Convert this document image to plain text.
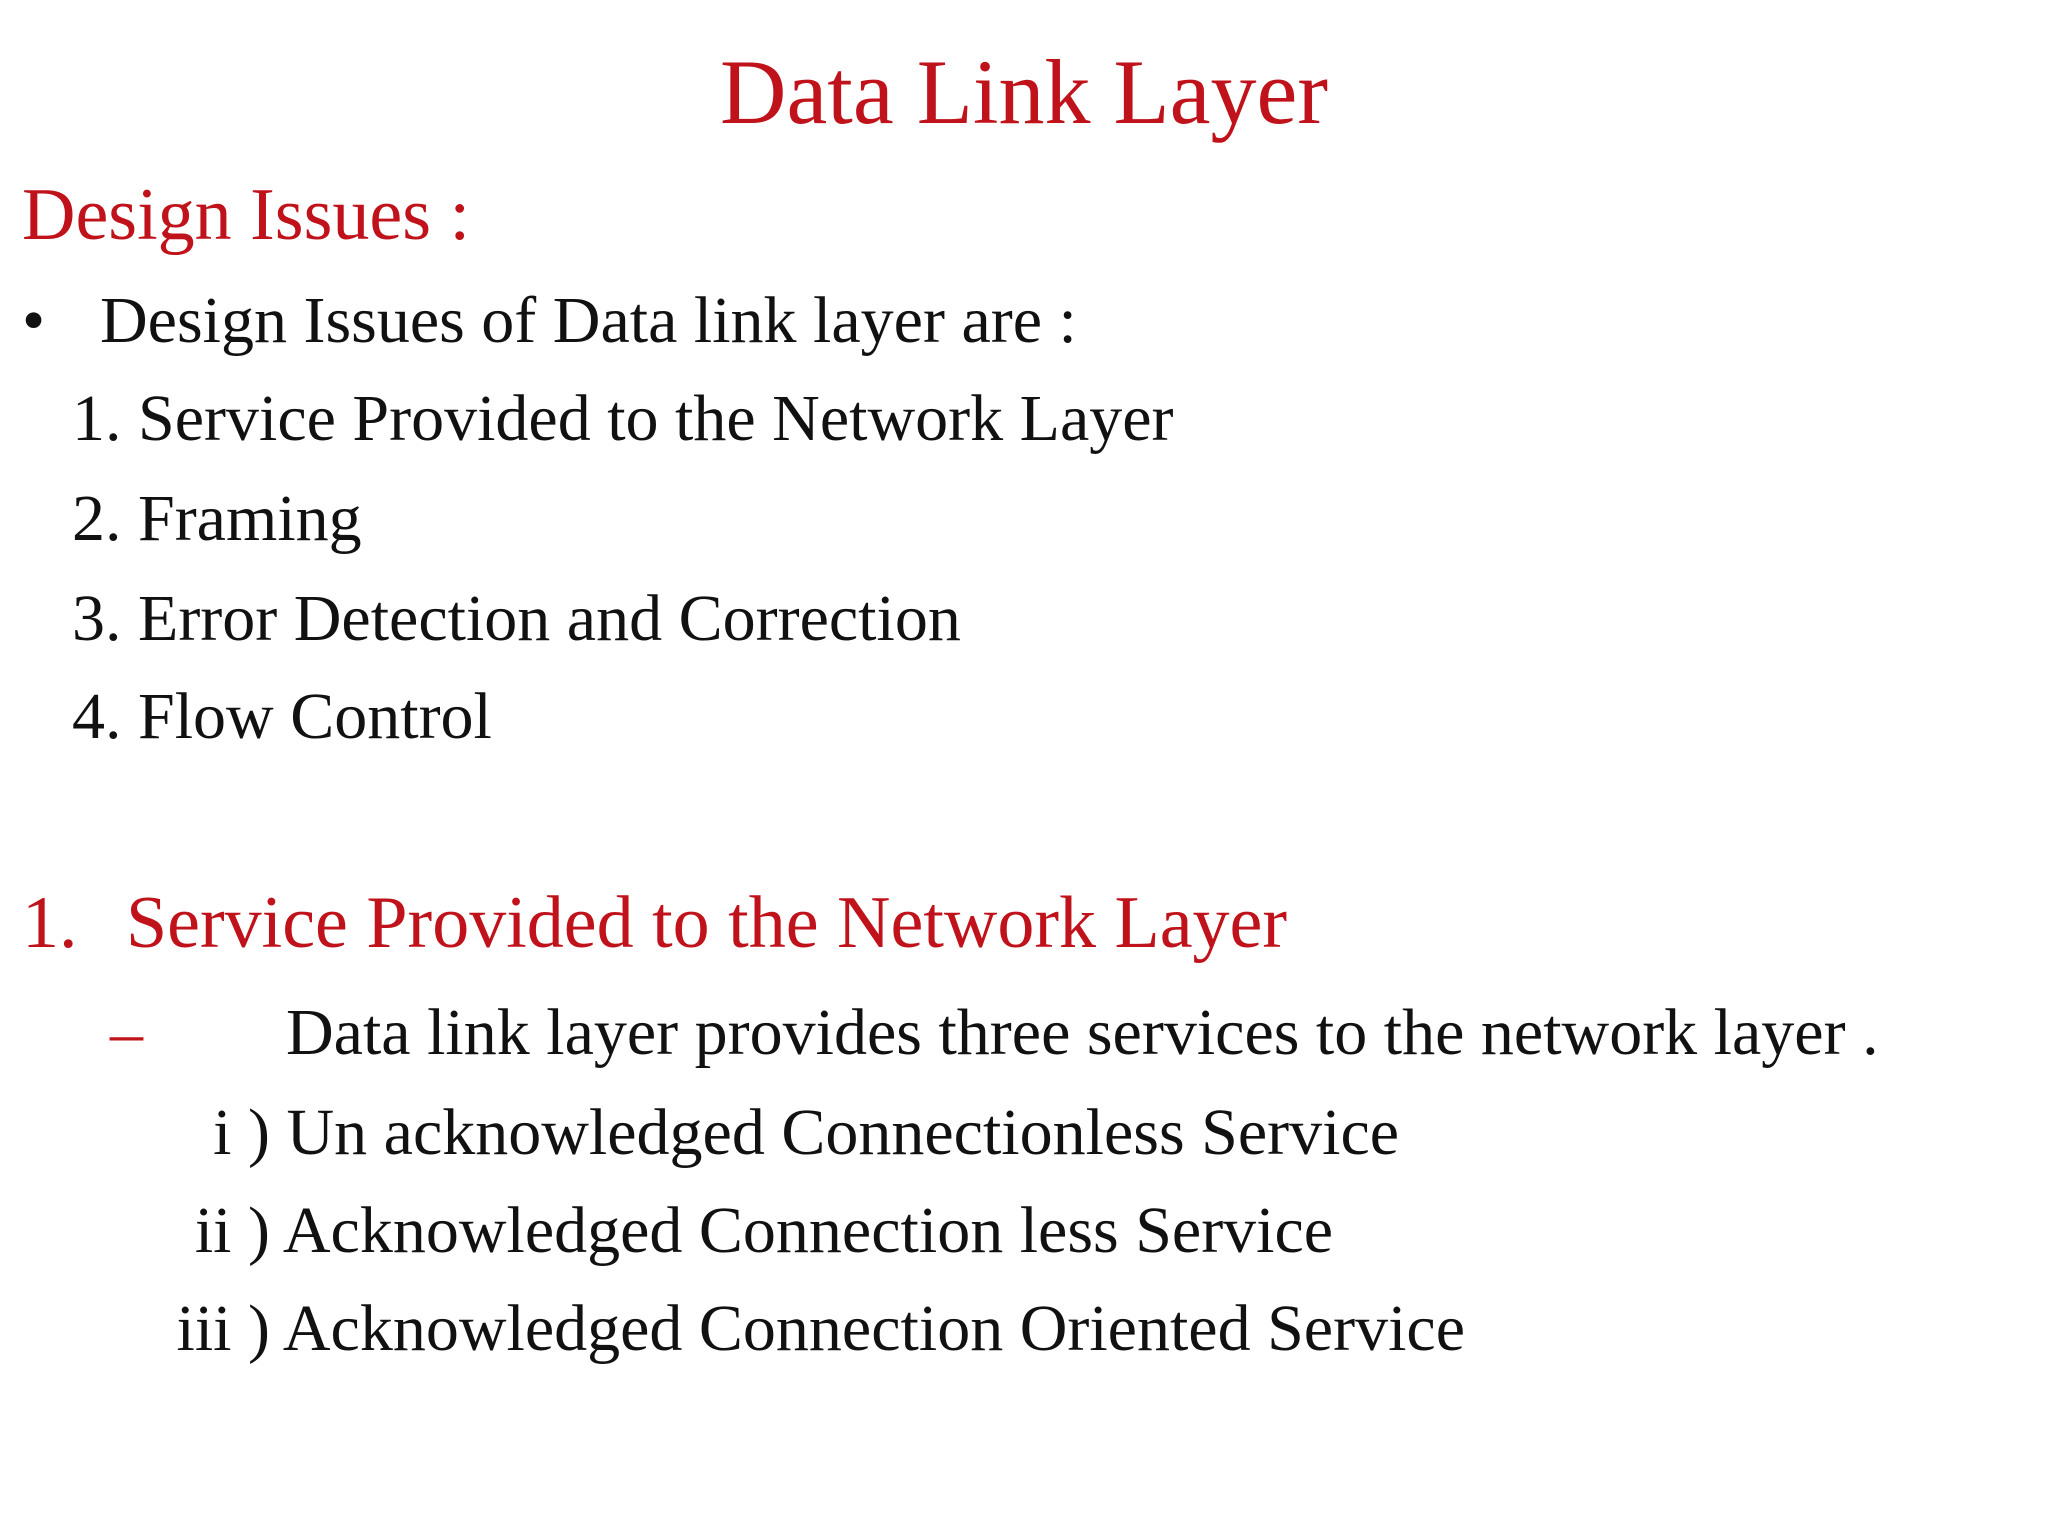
Data Link Layer
Design Issues :
• Design Issues of Data link layer are :
1. Service Provided to the Network Layer
2. Framing
3. Error Detection and Correction
4. Flow Control
1. Service Provided to the Network Layer
– Data link layer provides three services to the network layer .
i ) Un acknowledged Connectionless Service
ii ) Acknowledged Connection less Service
iii ) Acknowledged Connection Oriented Service
